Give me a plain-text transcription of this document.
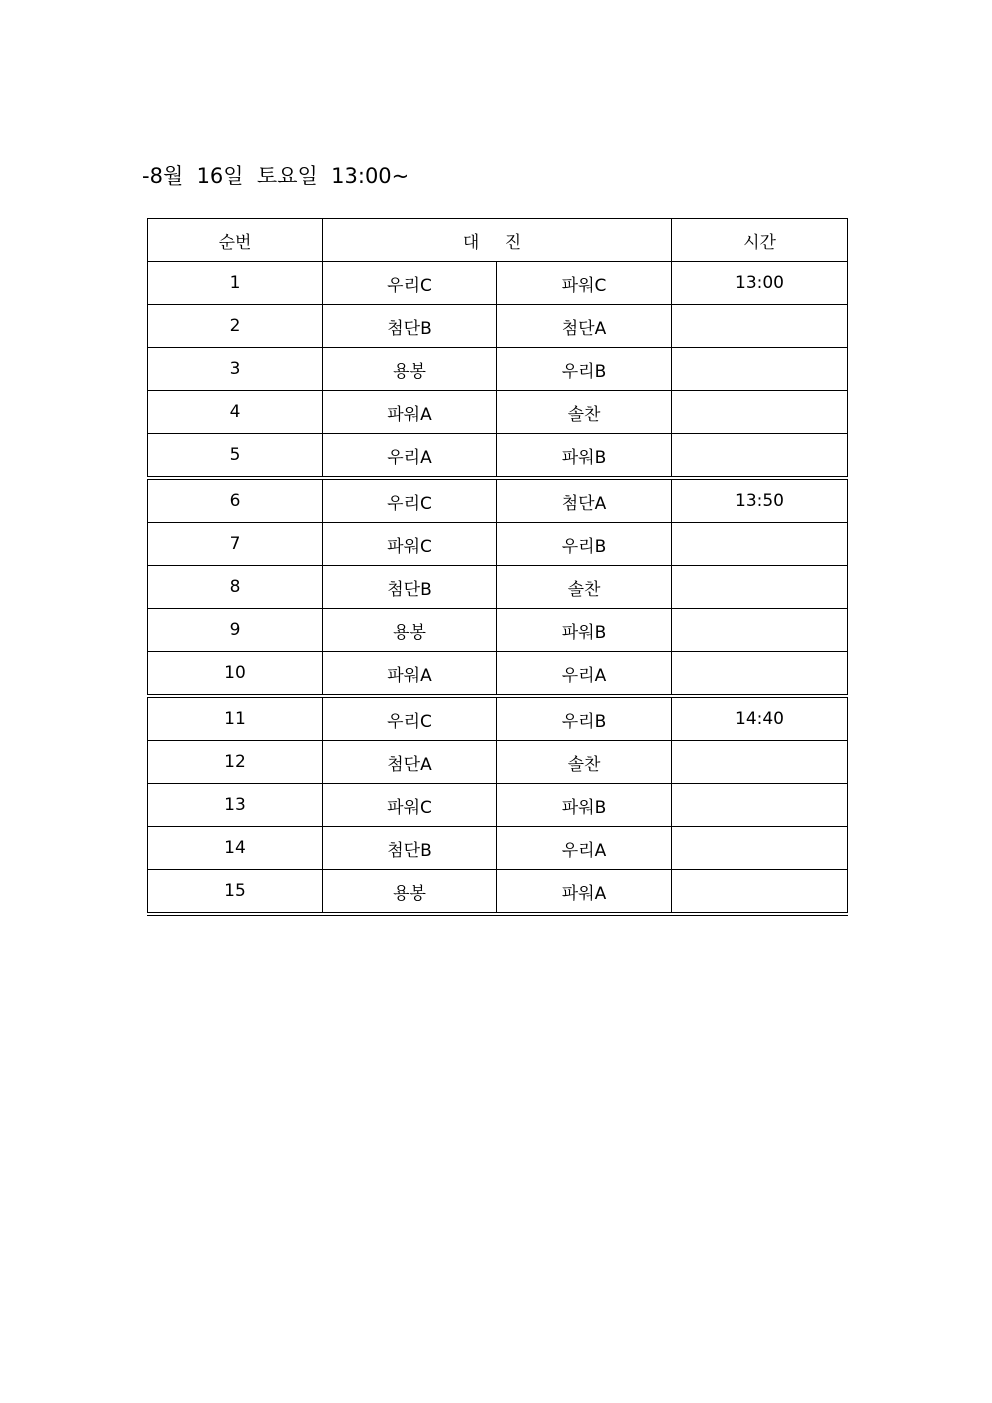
-8월  16일  토요일  13:00~
순번	대 진		시간
1	우리C	파워C	13:00
2	첨단B	첨단A	
3	용봉	우리B	
4	파워A	솔찬	
5	우리A	파워B	
6	우리C	첨단A	13:50
7	파워C	우리B	
8	첨단B	솔찬	
9	용봉	파워B	
10	파워A	우리A	
11	우리C	우리B	14:40
12	첨단A	솔찬	
13	파워C	파워B	
14	첨단B	우리A	
15	용봉	파워A	
